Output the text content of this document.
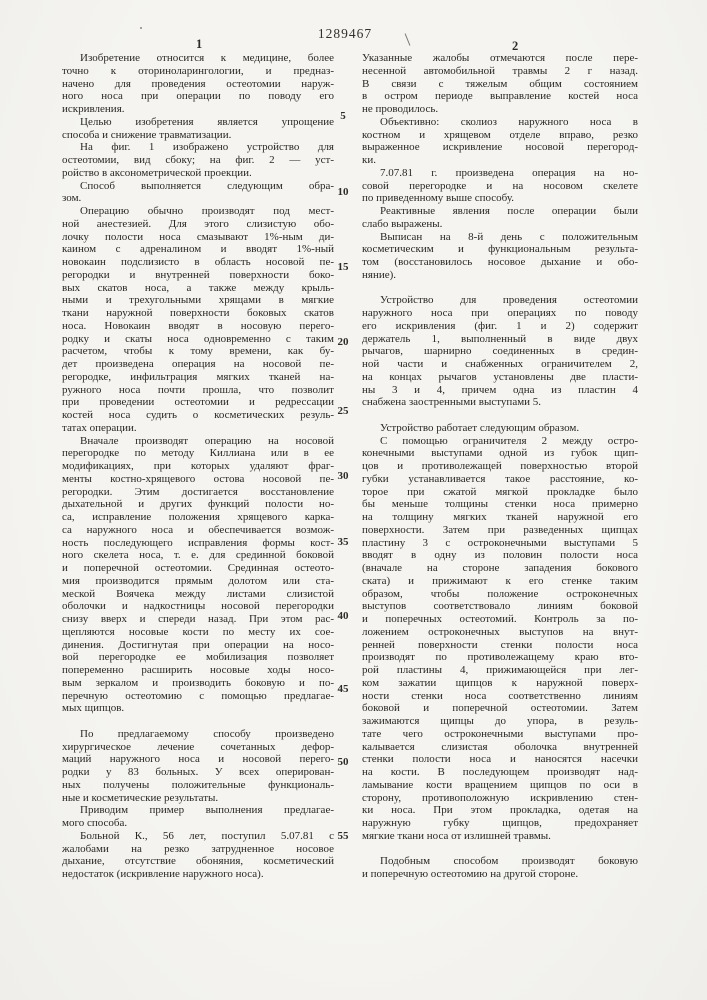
1289467
1	2
Изобретение относится к медицине, более
точно к оториноларингологии, и предназ-
начено для проведения остеотомии наруж-
ного носа при операции по поводу его
искривления.
Целью изобретения является упрощение
способа и снижение травматизации.
На фиг. 1 изображено устройство для
остеотомии, вид сбоку; на фиг. 2 — уст-
ройство в аксонометрической проекции.
Способ выполняется следующим обра-
зом.
Операцию обычно производят под мест-
ной анестезией. Для этого слизистую обо-
лочку полости носа смазывают 1%-ным ди-
каином с адреналином и вводят 1%-ный
новокаин подслизисто в область носовой пе-
регородки и внутренней поверхности боко-
вых скатов носа, а также между крыль-
ными и трехугольными хрящами в мягкие
ткани наружной поверхности боковых скатов
носа. Новокаин вводят в носовую перего-
родку и скаты носа одновременно с таким
расчетом, чтобы к тому времени, как бу-
дет произведена операция на носовой пе-
регородке, инфильтрация мягких тканей на-
ружного носа почти прошла, что позволит
при проведении остеотомии и редрессации
костей носа судить о косметических резуль-
татах операции.
Вначале производят операцию на носовой
перегородке по методу Киллиана или в ее
модификациях, при которых удаляют фраг-
менты костно-хрящевого остова носовой пе-
регородки. Этим достигается восстановление
дыхательной и других функций полости но-
са, исправление положения хрящевого карка-
са наружного носа и обеспечивается возмож-
ность последующего исправления формы кост-
ного скелета носа, т. е. для срединной боковой
и поперечной остеотомии. Срединная остеото-
мия производится прямым долотом или ста-
меской Воячека между листами слизистой
оболочки и надкостницы носовой перегородки
снизу вверх и спереди назад. При этом рас-
щепляются носовые кости по месту их сое-
динения. Достигнутая при операции на носо-
вой перегородке ее мобилизация позволяет
попеременно расширить носовые ходы носо-
вым зеркалом и производить боковую и по-
перечную остеотомию с помощью предлагае-
мых щипцов.
По предлагаемому способу произведено
хирургическое лечение сочетанных дефор-
маций наружного носа и носовой перего-
родки у 83 больных. У всех оперирован-
ных получены положительные функциональ-
ные и косметические результаты.
Приводим пример выполнения предлагае-
мого способа.
Больной К., 56 лет, поступил 5.07.81 с
жалобами на резко затрудненное носовое
дыхание, отсутствие обоняния, косметический
недостаток (искривление наружного носа).
Указанные жалобы отмечаются после пере-
несенной автомобильной травмы 2 г назад.
В связи с тяжелым общим состоянием
в остром периоде выправление костей носа
не проводилось.
Объективно: сколиоз наружного носа в
костном и хрящевом отделе вправо, резко
выраженное искривление носовой перегород-
ки.
7.07.81 г. произведена операция на но-
совой перегородке и на носовом скелете
по приведенному выше способу.
Реактивные явления после операции были
слабо выражены.
Выписан на 8-й день с положительным
косметическим и функциональным результа-
том (восстановилось носовое дыхание и обо-
няние).
Устройство для проведения остеотомии
наружного носа при операциях по поводу
его искривления (фиг. 1 и 2) содержит
держатель 1, выполненный в виде двух
рычагов, шарнирно соединенных в средин-
ной части и снабженных ограничителем 2,
на концах рычагов установлены две пласти-
ны 3 и 4, причем одна из пластин 4
снабжена заостренными выступами 5.
Устройство работает следующим образом.
С помощью ограничителя 2 между остро-
конечными выступами одной из губок щип-
цов и противолежащей поверхностью второй
губки устанавливается такое расстояние, ко-
торое при сжатой мягкой прокладке было
бы меньше толщины стенки носа примерно
на толщину мягких тканей наружной его
поверхности. Затем при разведенных щипцах
пластину 3 с остроконечными выступами 5
вводят в одну из половин полости носа
(вначале на стороне западения бокового
ската) и прижимают к его стенке таким
образом, чтобы положение остроконечных
выступов соответствовало линиям боковой
и поперечных остеотомий. Контроль за по-
ложением остроконечных выступов на внут-
ренней поверхности стенки полости носа
производят по противолежащему краю вто-
рой пластины 4, прижимающейся при лег-
ком зажатии щипцов к наружной поверх-
ности стенки носа соответственно линиям
боковой и поперечной остеотомии. Затем
зажимаются щипцы до упора, в резуль-
тате чего остроконечными выступами про-
калывается слизистая оболочка внутренней
стенки полости носа и наносятся насечки
на кости. В последующем производят над-
ламывание кости вращением щипцов по оси в
сторону, противоположную искривлению стен-
ки носа. При этом прокладка, одетая на
наружную губку щипцов, предохраняет
мягкие ткани носа от излишней травмы.
Подобным способом производят боковую
и поперечную остеотомию на другой стороне.
5
10
15
20
25
30
35
40
45
50
55
